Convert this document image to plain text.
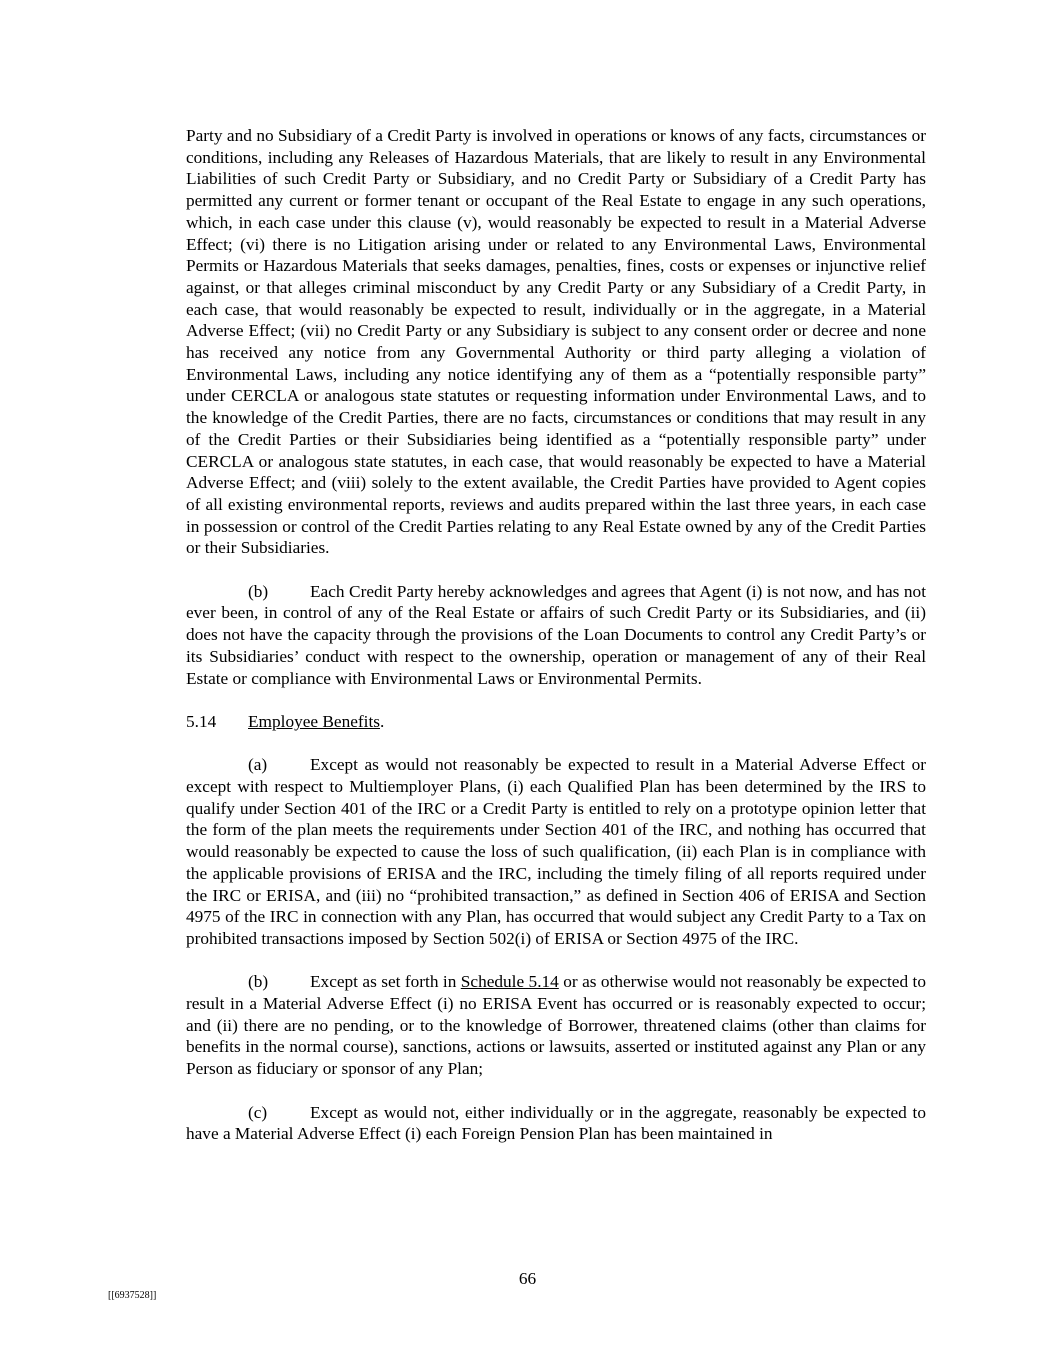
Party and no Subsidiary of a Credit Party is involved in operations or knows of any facts, circumstances or conditions, including any Releases of Hazardous Materials, that are likely to result in any Environmental Liabilities of such Credit Party or Subsidiary, and no Credit Party or Subsidiary of a Credit Party has permitted any current or former tenant or occupant of the Real Estate to engage in any such operations, which, in each case under this clause (v), would reasonably be expected to result in a Material Adverse Effect; (vi) there is no Litigation arising under or related to any Environmental Laws, Environmental Permits or Hazardous Materials that seeks damages, penalties, fines, costs or expenses or injunctive relief against, or that alleges criminal misconduct by any Credit Party or any Subsidiary of a Credit Party, in each case, that would reasonably be expected to result, individually or in the aggregate, in a Material Adverse Effect; (vii) no Credit Party or any Subsidiary is subject to any consent order or decree and none has received any notice from any Governmental Authority or third party alleging a violation of Environmental Laws, including any notice identifying any of them as a “potentially responsible party” under CERCLA or analogous state statutes or requesting information under Environmental Laws, and to the knowledge of the Credit Parties, there are no facts, circumstances or conditions that may result in any of the Credit Parties or their Subsidiaries being identified as a “potentially responsible party” under CERCLA or analogous state statutes, in each case, that would reasonably be expected to have a Material Adverse Effect; and (viii) solely to the extent available, the Credit Parties have provided to Agent copies of all existing environmental reports, reviews and audits prepared within the last three years, in each case in possession or control of the Credit Parties relating to any Real Estate owned by any of the Credit Parties or their Subsidiaries.

(b) Each Credit Party hereby acknowledges and agrees that Agent (i) is not now, and has not ever been, in control of any of the Real Estate or affairs of such Credit Party or its Subsidiaries, and (ii) does not have the capacity through the provisions of the Loan Documents to control any Credit Party’s or its Subsidiaries’ conduct with respect to the ownership, operation or management of any of their Real Estate or compliance with Environmental Laws or Environmental Permits.

5.14 Employee Benefits.

(a) Except as would not reasonably be expected to result in a Material Adverse Effect or except with respect to Multiemployer Plans, (i) each Qualified Plan has been determined by the IRS to qualify under Section 401 of the IRC or a Credit Party is entitled to rely on a prototype opinion letter that the form of the plan meets the requirements under Section 401 of the IRC, and nothing has occurred that would reasonably be expected to cause the loss of such qualification, (ii) each Plan is in compliance with the applicable provisions of ERISA and the IRC, including the timely filing of all reports required under the IRC or ERISA, and (iii) no “prohibited transaction,” as defined in Section 406 of ERISA and Section 4975 of the IRC in connection with any Plan, has occurred that would subject any Credit Party to a Tax on prohibited transactions imposed by Section 502(i) of ERISA or Section 4975 of the IRC.

(b) Except as set forth in Schedule 5.14 or as otherwise would not reasonably be expected to result in a Material Adverse Effect (i) no ERISA Event has occurred or is reasonably expected to occur; and (ii) there are no pending, or to the knowledge of Borrower, threatened claims (other than claims for benefits in the normal course), sanctions, actions or lawsuits, asserted or instituted against any Plan or any Person as fiduciary or sponsor of any Plan;

(c) Except as would not, either individually or in the aggregate, reasonably be expected to have a Material Adverse Effect (i) each Foreign Pension Plan has been maintained in

66
[[6937528]]
